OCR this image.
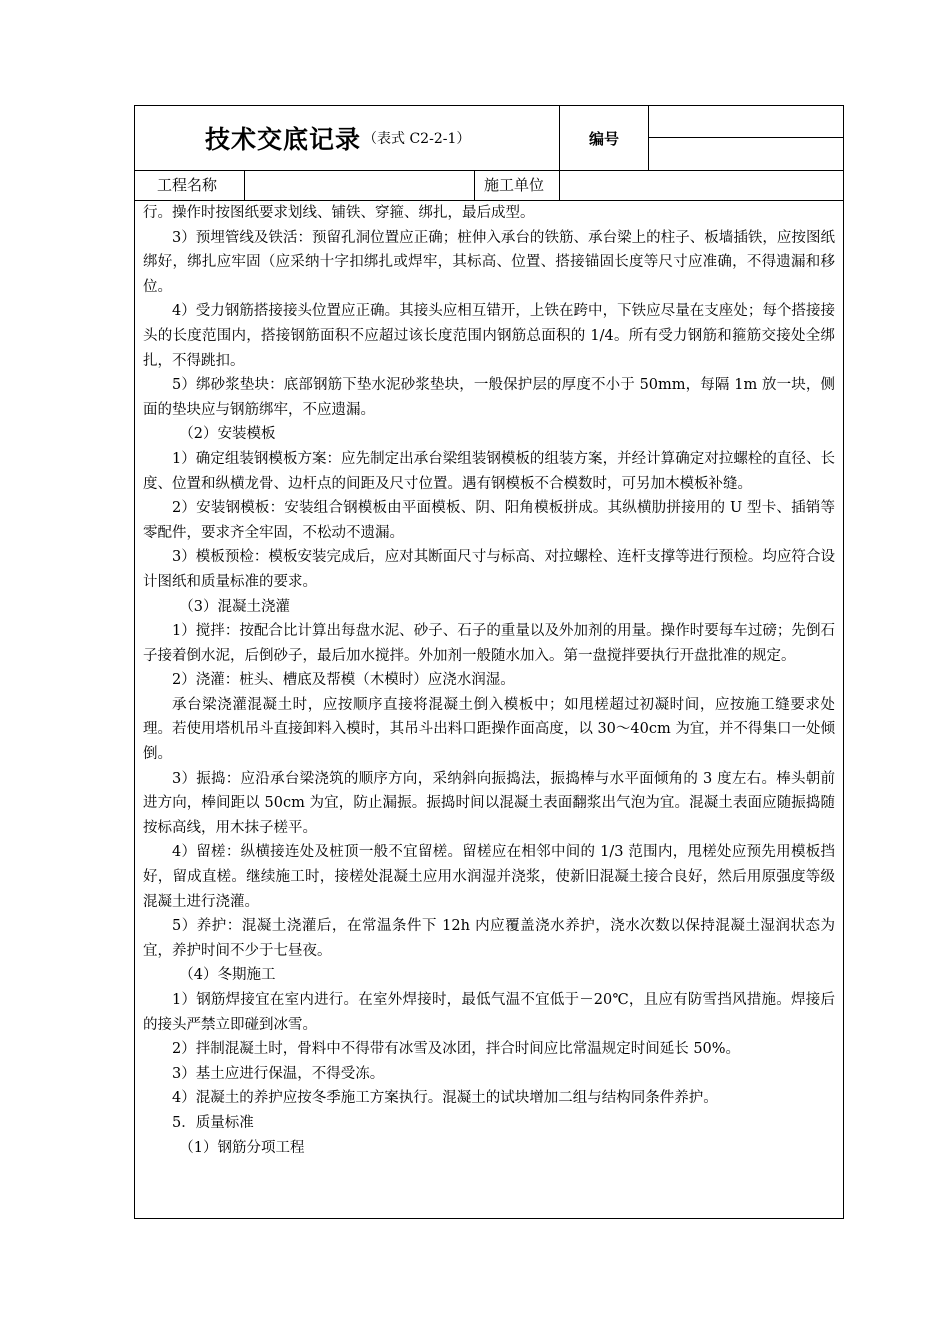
技术交底记录 （表式 C2-2-1）	编号
工程名称	施工单位

行。操作时按图纸要求划线、铺铁、穿箍、绑扎，最后成型。

3）预埋管线及铁活：预留孔洞位置应正确；桩伸入承台的铁筋、承台梁上的柱子、板墙插铁，应按图纸绑好，绑扎应牢固（应采纳十字扣绑扎或焊牢，其标高、位置、搭接锚固长度等尺寸应准确，不得遗漏和移位。

4）受力钢筋搭接接头位置应正确。其接头应相互错开，上铁在跨中，下铁应尽量在支座处；每个搭接接头的长度范围内，搭接钢筋面积不应超过该长度范围内钢筋总面积的 1/4。所有受力钢筋和箍筋交接处全绑扎，不得跳扣。

5）绑砂浆垫块：底部钢筋下垫水泥砂浆垫块，一般保护层的厚度不小于 50mm，每隔 1m 放一块，侧面的垫块应与钢筋绑牢，不应遗漏。

（2）安装模板

1）确定组装钢模板方案：应先制定出承台梁组装钢模板的组装方案，并经计算确定对拉螺栓的直径、长度、位置和纵横龙骨、边杆点的间距及尺寸位置。遇有钢模板不合模数时，可另加木模板补缝。

2）安装钢模板：安装组合钢模板由平面模板、阴、阳角模板拼成。其纵横肋拼接用的 U 型卡、插销等零配件，要求齐全牢固，不松动不遗漏。

3）模板预检：模板安装完成后，应对其断面尺寸与标高、对拉螺栓、连杆支撑等进行预检。均应符合设计图纸和质量标准的要求。

（3）混凝土浇灌

1）搅拌：按配合比计算出每盘水泥、砂子、石子的重量以及外加剂的用量。操作时要每车过磅；先倒石子接着倒水泥，后倒砂子，最后加水搅拌。外加剂一般随水加入。第一盘搅拌要执行开盘批准的规定。

2）浇灌：桩头、槽底及帮模（木模时）应浇水润湿。

承台梁浇灌混凝土时，应按顺序直接将混凝土倒入模板中；如甩槎超过初凝时间，应按施工缝要求处理。若使用塔机吊斗直接卸料入模时，其吊斗出料口距操作面高度，以 30～40cm 为宜，并不得集口一处倾倒。

3）振捣：应沿承台梁浇筑的顺序方向，采纳斜向振捣法，振捣棒与水平面倾角的 3 度左右。棒头朝前进方向，棒间距以 50cm 为宜，防止漏振。振捣时间以混凝土表面翻浆出气泡为宜。混凝土表面应随振捣随按标高线，用木抹子槎平。

4）留槎：纵横接连处及桩顶一般不宜留槎。留槎应在相邻中间的 1/3 范围内，甩槎处应预先用模板挡好，留成直槎。继续施工时，接槎处混凝土应用水润湿并浇浆，使新旧混凝土接合良好，然后用原强度等级混凝土进行浇灌。

5）养护：混凝土浇灌后，在常温条件下 12h 内应覆盖浇水养护，浇水次数以保持混凝土湿润状态为宜，养护时间不少于七昼夜。

（4）冬期施工

1）钢筋焊接宜在室内进行。在室外焊接时，最低气温不宜低于－20℃，且应有防雪挡风措施。焊接后的接头严禁立即碰到冰雪。

2）拌制混凝土时，骨料中不得带有冰雪及冰团，拌合时间应比常温规定时间延长 50%。

3）基土应进行保温，不得受冻。

4）混凝土的养护应按冬季施工方案执行。混凝土的试块增加二组与结构同条件养护。

5．质量标准

（1）钢筋分项工程
